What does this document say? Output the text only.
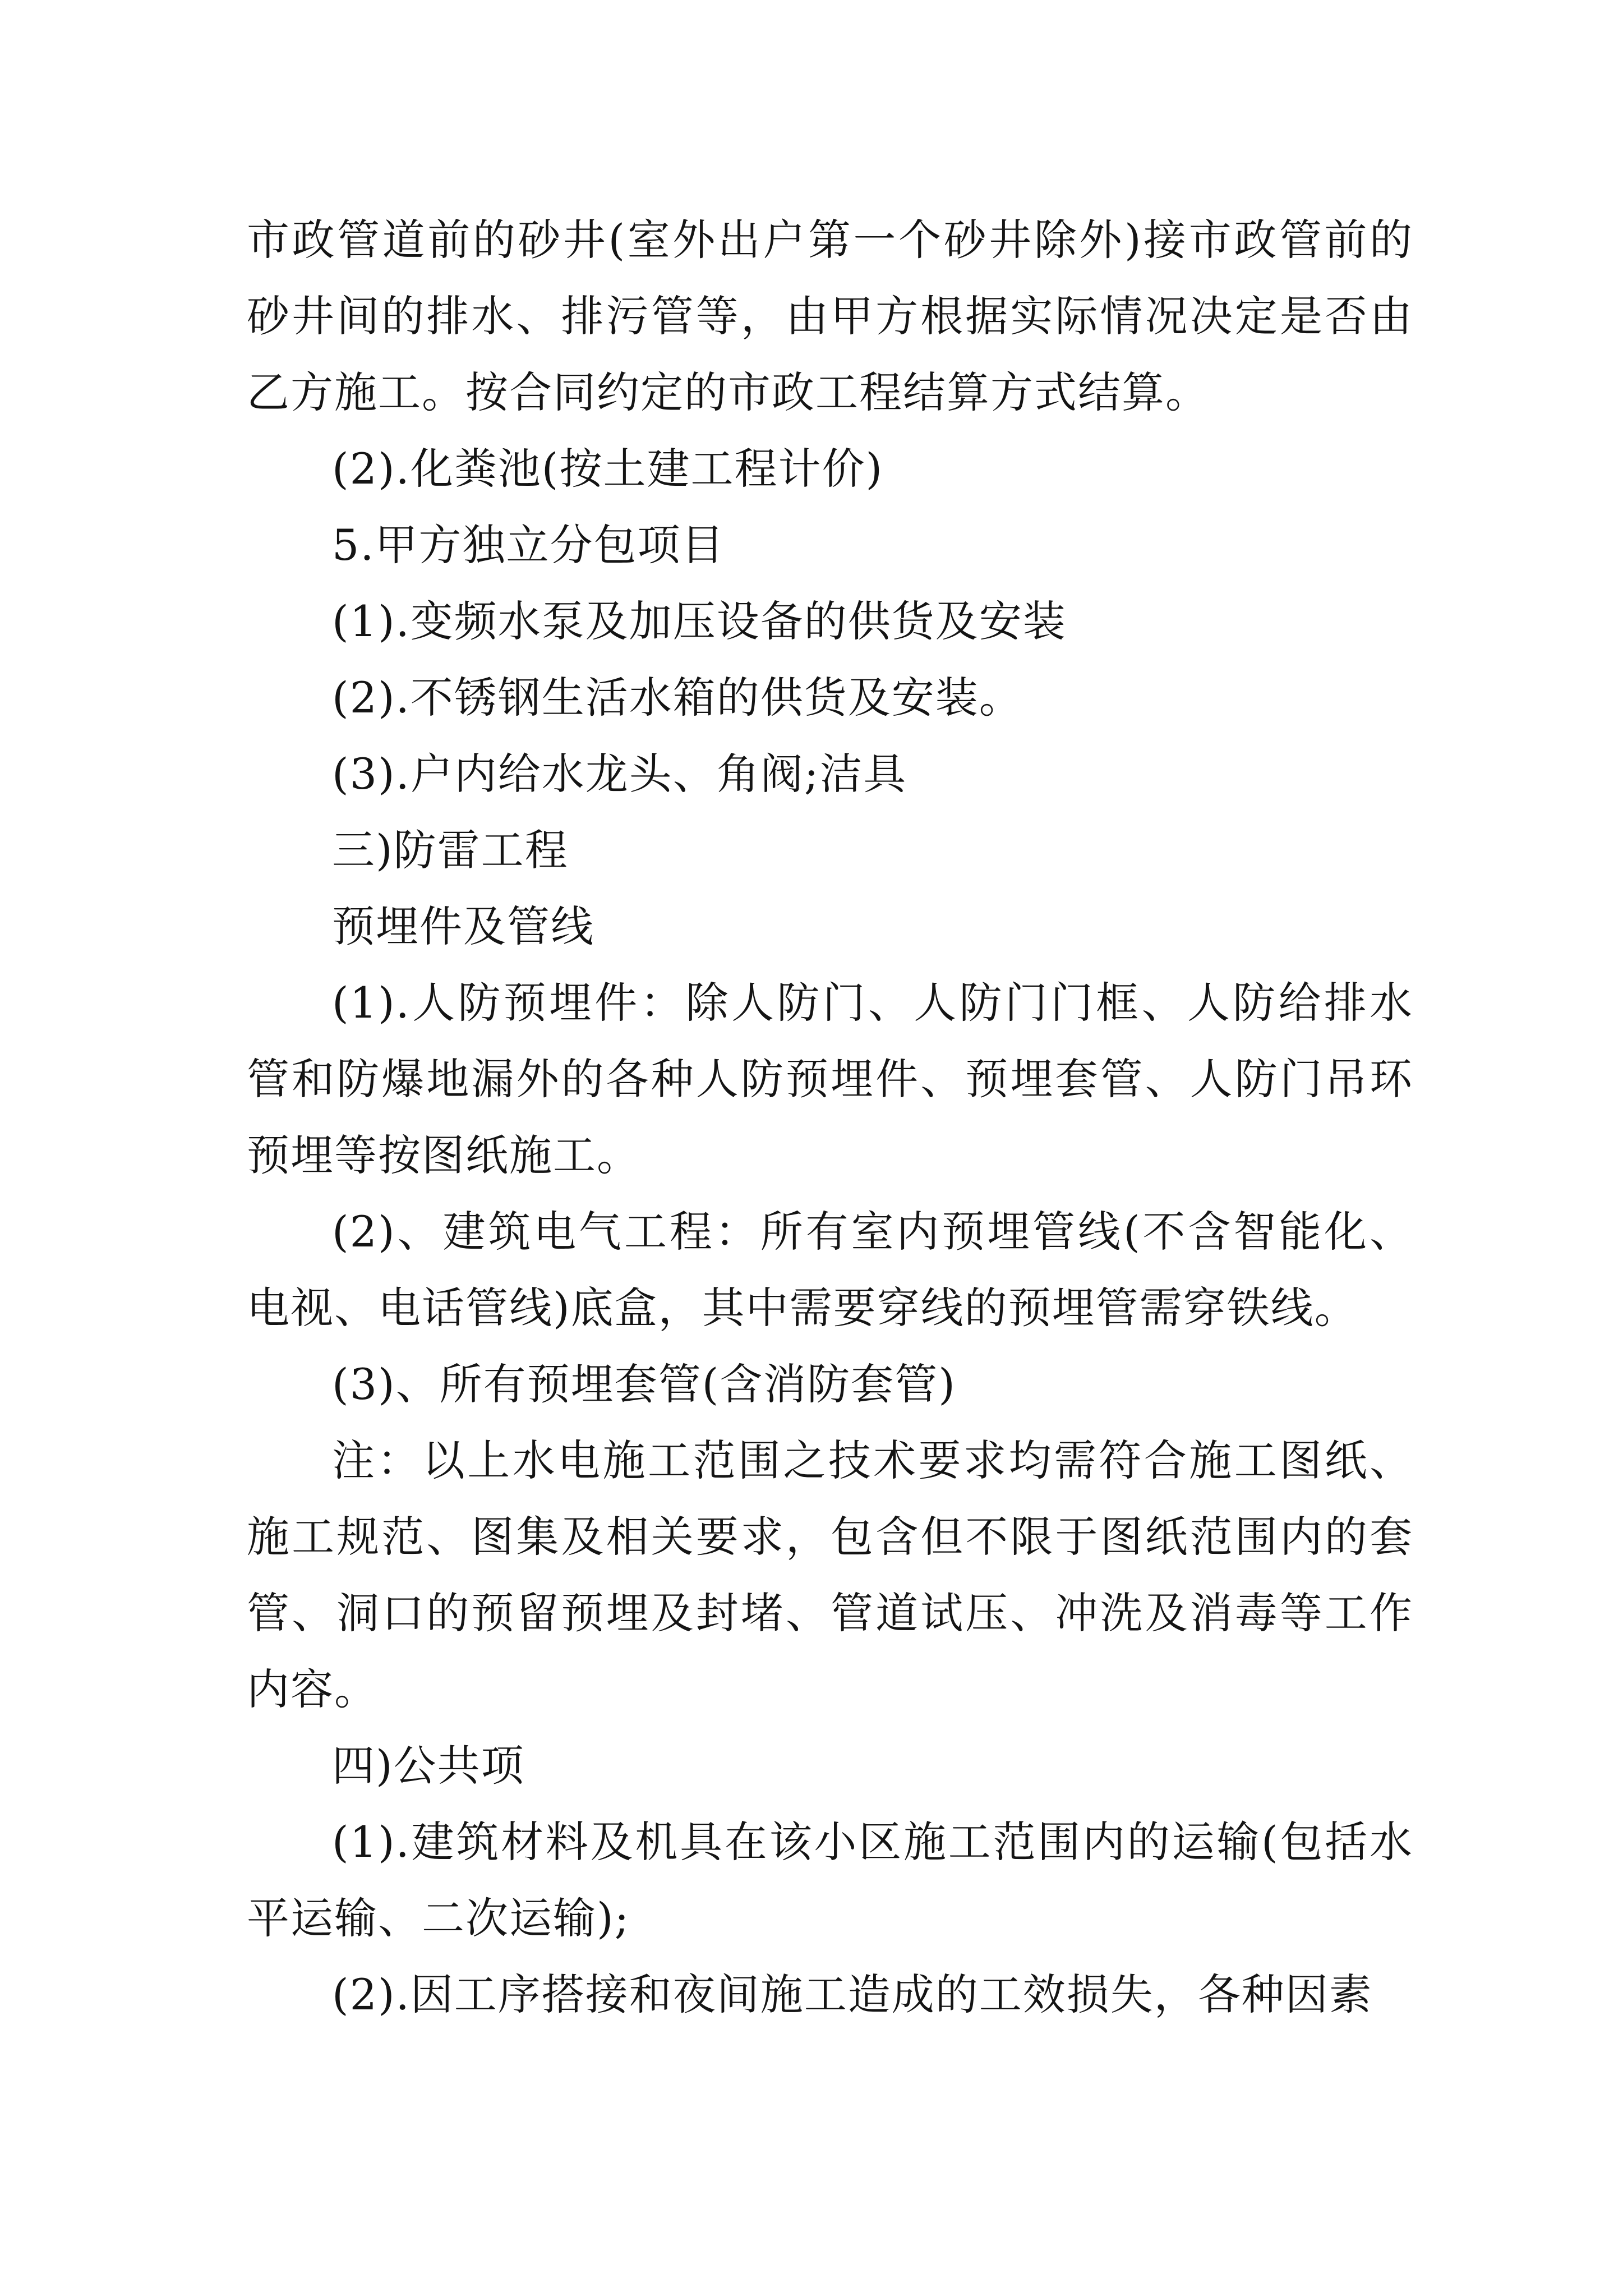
市政管道前的砂井(室外出户第一个砂井除外)接市政管前的砂井间的排水、排污管等，由甲方根据实际情况决定是否由乙方施工。按合同约定的市政工程结算方式结算。

(2).化粪池(按土建工程计价)

5.甲方独立分包项目

(1).变频水泵及加压设备的供货及安装

(2).不锈钢生活水箱的供货及安装。

(3).户内给水龙头、角阀;洁具

三)防雷工程

预埋件及管线

(1).人防预埋件：除人防门、人防门门框、人防给排水管和防爆地漏外的各种人防预埋件、预埋套管、人防门吊环预埋等按图纸施工。

(2)、建筑电气工程：所有室内预埋管线(不含智能化、电视、电话管线)底盒，其中需要穿线的预埋管需穿铁线。

(3)、所有预埋套管(含消防套管)

注：以上水电施工范围之技术要求均需符合施工图纸、施工规范、图集及相关要求，包含但不限于图纸范围内的套管、洞口的预留预埋及封堵、管道试压、冲洗及消毒等工作内容。

四)公共项

(1).建筑材料及机具在该小区施工范围内的运输(包括水平运输、二次运输);

(2).因工序搭接和夜间施工造成的工效损失，各种因素
